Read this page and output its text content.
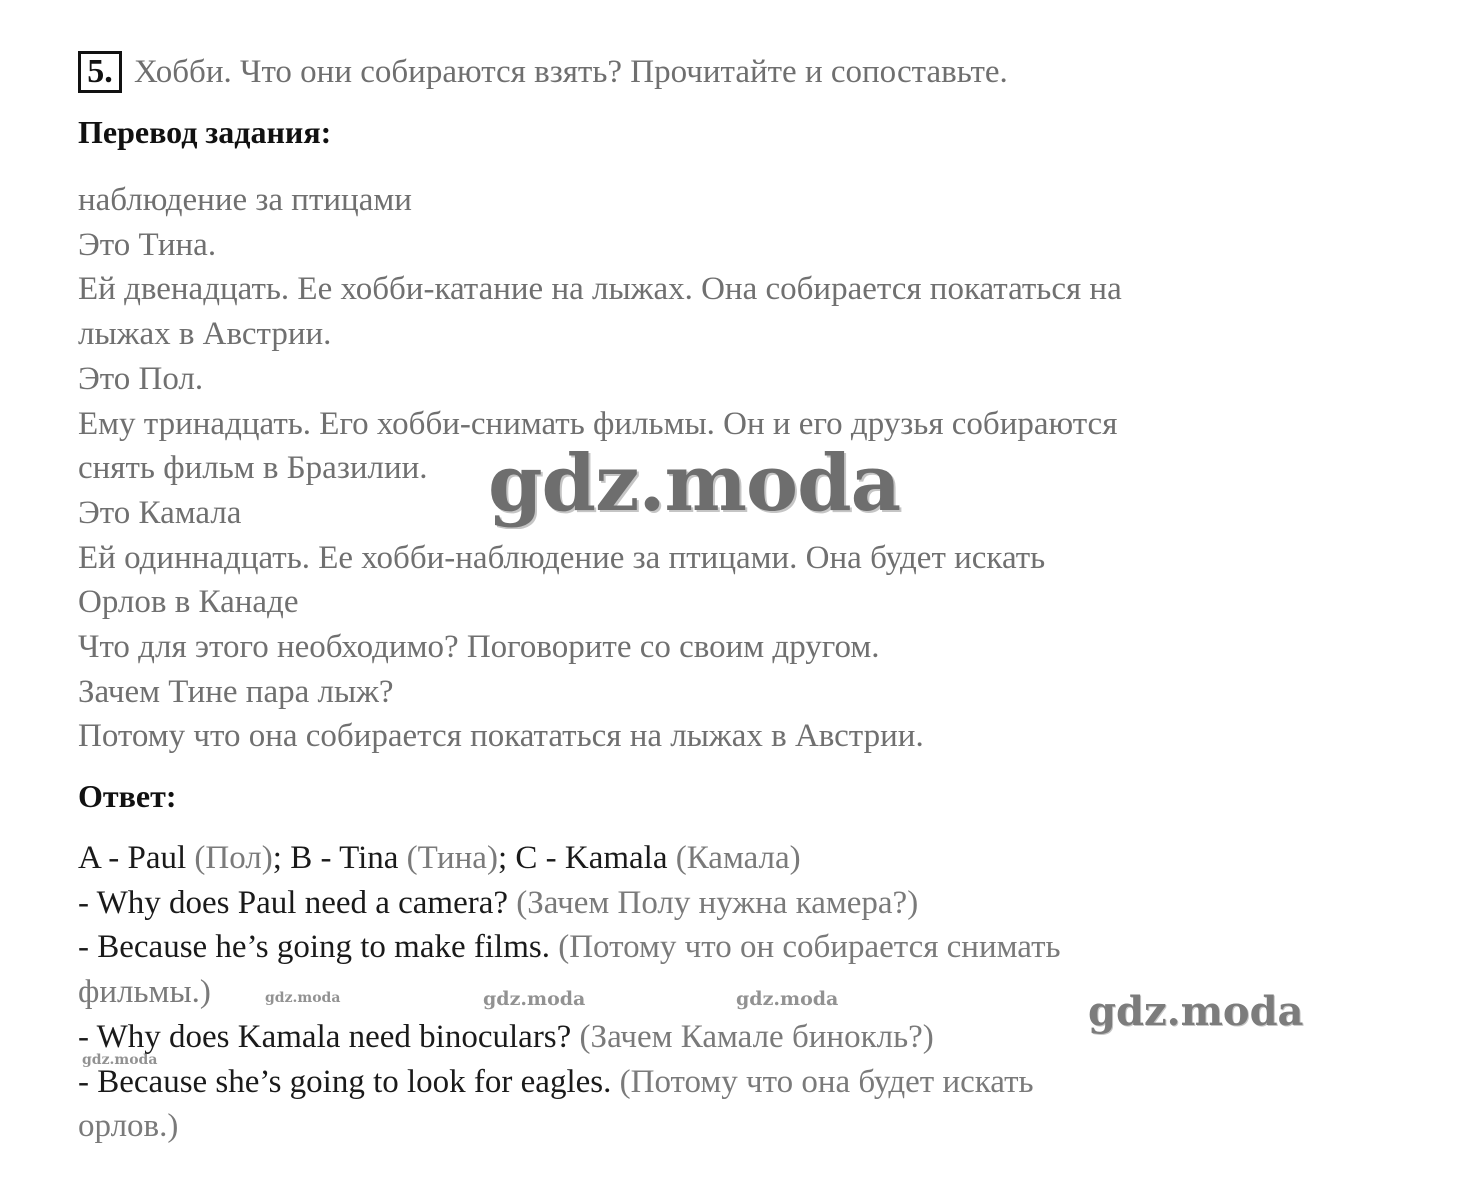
5. Хобби. Что они собираются взять? Прочитайте и сопоставьте.
Перевод задания:
наблюдение за птицами
Это Тина.
Ей двенадцать. Ее хобби-катание на лыжах. Она собирается покататься на
лыжах в Австрии.
Это Пол.
Ему тринадцать. Его хобби-снимать фильмы. Он и его друзья собираются
снять фильм в Бразилии.
Это Камала
Ей одиннадцать. Ее хобби-наблюдение за птицами. Она будет искать
Орлов в Канаде
Что для этого необходимо? Поговорите со своим другом.
Зачем Тине пара лыж?
Потому что она собирается покататься на лыжах в Австрии.
Ответ:
A - Paul (Пол); B - Tina (Тина); C - Kamala (Камала)
- Why does Paul need a camera? (Зачем Полу нужна камера?)
- Because he’s going to make films. (Потому что он собирается снимать
фильмы.)
- Why does Kamala need binoculars? (Зачем Камале бинокль?)
- Because she’s going to look for eagles. (Потому что она будет искать
орлов.)
gdz.moda
gdz.moda
gdz.moda	gdz.moda
gdz.moda
gdz.moda
